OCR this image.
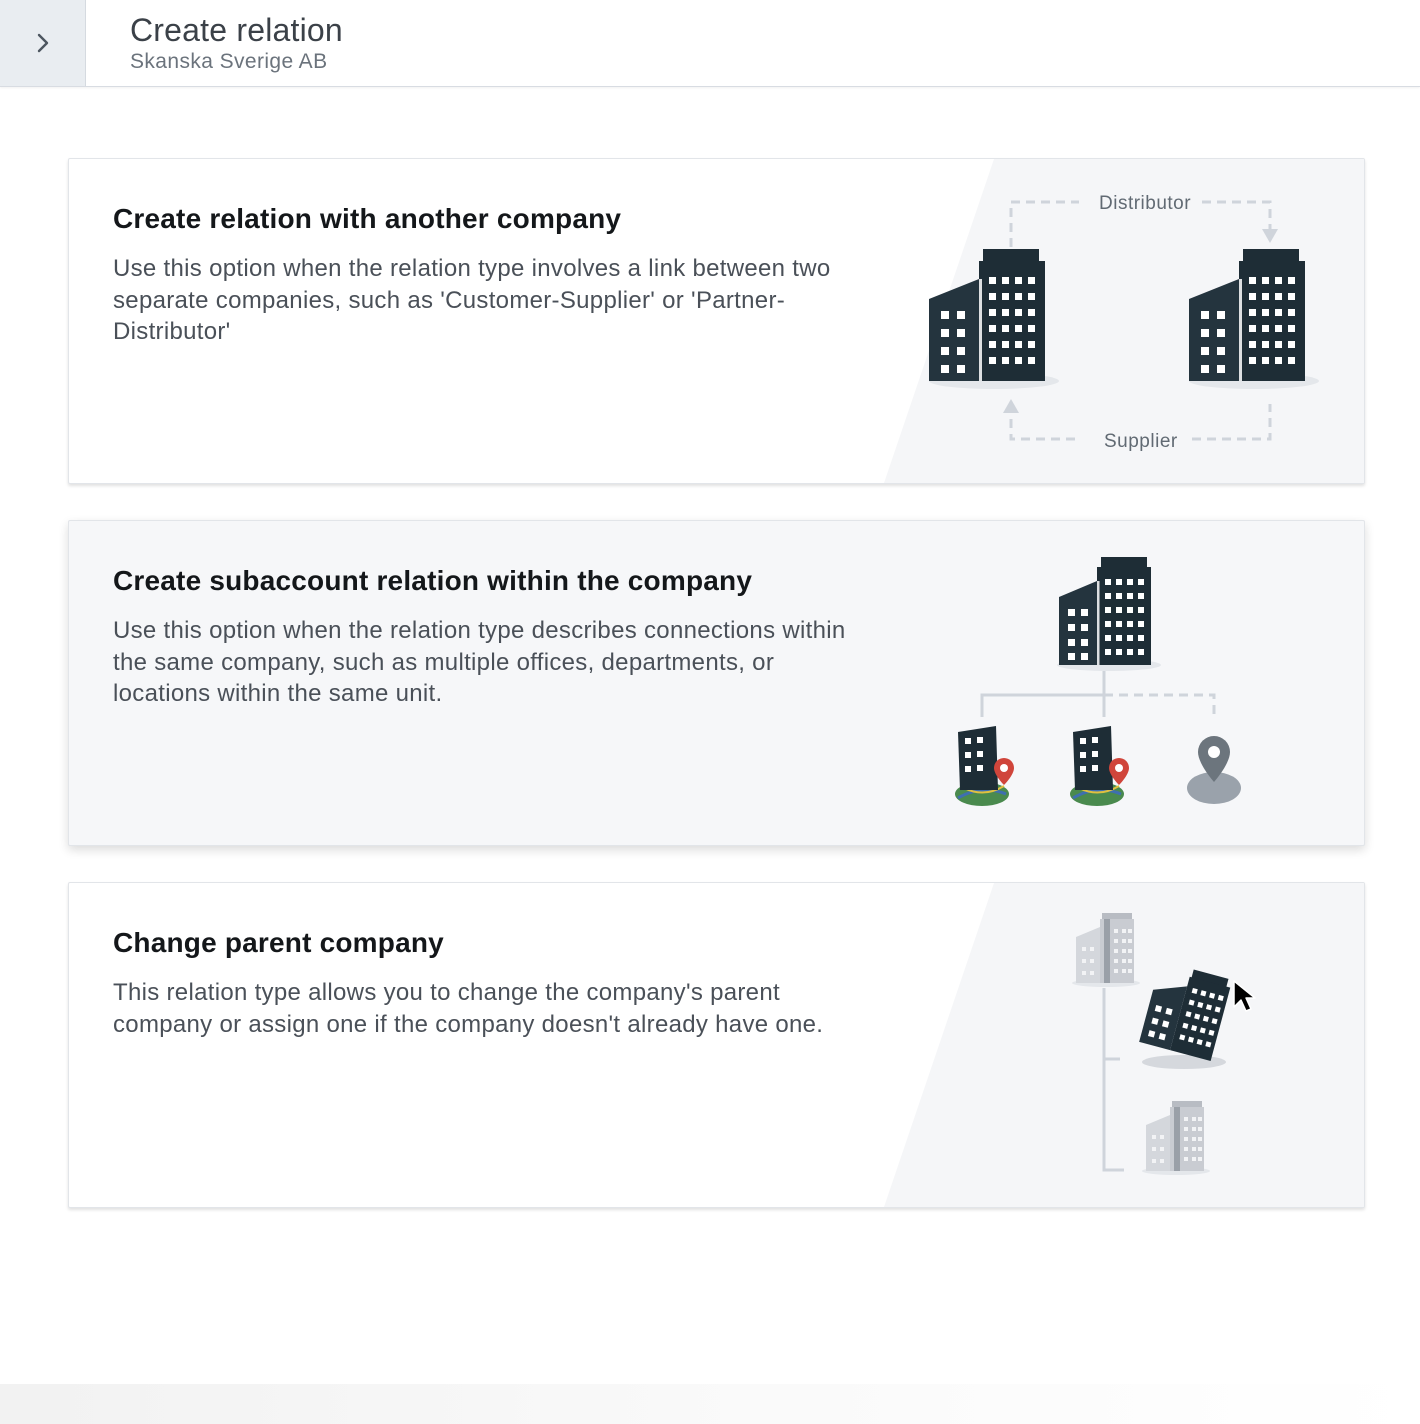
Create relation
Skanska Sverige AB
Create relation with another company
Use this option when the relation type involves a link between two separate companies, such as 'Customer-Supplier' or 'Partner-Distributor'
Distributor
Supplier
Create subaccount relation within the company
Use this option when the relation type describes connections within the same company, such as multiple offices, departments, or locations within the same unit.
Change parent company
This relation type allows you to change the company's parent company or assign one if the company doesn't already have one.
